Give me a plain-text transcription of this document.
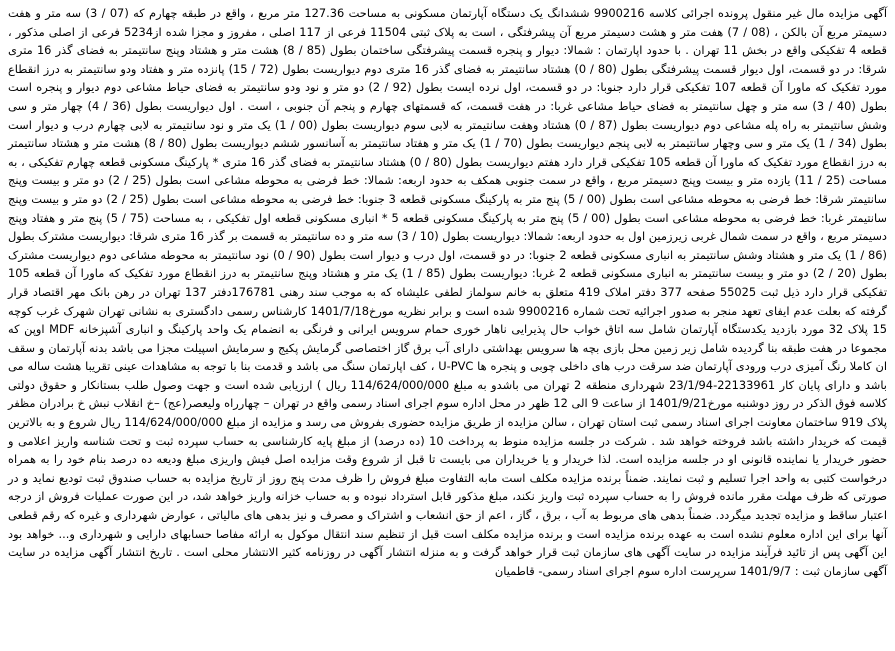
آگهی مزایده مال غیر منقول پرونده اجرائی کلاسه 9900216 ششدانگ یک دستگاه آپارتمان مسکونی به مساحت 127.36 متر مربع ، واقع در طبقه چهارم که (07 / 3) سه متر و هفت دسیمتر مربع آن بالکن ، (08 / 7) هفت متر و هشت دسیمتر مربع آن پیشرفتگی ، است به پلاک ثبتی 11504 فرعی از 117 اصلی ، مفروز و مجزا شده از5234 فرعی از اصلی مذکور ، قطعه 4 تفکیکی واقع در بخش 11 تهران . با حدود اپارتمان : شمالا: دیوار و پنجره قسمت پیشرفتگی ساختمان بطول (85 / 8) هشت متر و هشتاد وپنج سانتیمتر به فضای گذر 16 متری شرقا: در دو قسمت، اول دیوار قسمت پیشرفتگی بطول (80 / 0) هشتاد سانتیمتر به فضای گذر 16 متری دوم دیواریست بطول (72 / 15) پانزده متر و هفتاد ودو سانتیمتر به درز انقطاع مورد تفکیک که ماورا آن قطعه 107 تفکیکی قرار دارد جنوبا: در دو قسمت، اول نرده ایست بطول (92 / 2) دو متر و نود ودو سانتیمتر به فضای حیاط مشاعی دوم دیوار و پنجره است بطول (40 / 3) سه متر و چهل سانتیمتر به فضای حیاط مشاعی غربا: در هفت قسمت، که قسمتهای چهارم و پنجم آن جنوبی ، است . اول دیواریست بطول (36 / 4) چهار متر و سی وشش سانتیمتر به راه پله مشاعی دوم دیواریست بطول (87 / 0) هشتاد وهفت سانتیمتر به لابی سوم دیواریست بطول (00 / 1) یک متر و نود سانتیمتر به لابی چهارم درب و دیوار است بطول (34 / 1) یک متر و سی وچهار سانتیمتر به لابی پنجم دیواریست بطول (70 / 1) یک متر و هفتاد سانتیمتر به آسانسور ششم دیواریست بطول (80 / 8) هشت متر و هشتاد سانتیمتر به درز انقطاع مورد تفکیک که ماورا آن قطعه 105 تفکیکی قرار دارد هفتم دیواریست بطول (80 / 0) هشتاد سانتیمتر به فضای گذر 16 متری * پارکینگ مسکونی قطعه چهارم تفکیکی ، به مساحت (25 / 11) یازده متر و بیست وپنج دسیمتر مربع ، واقع در سمت جنوبی همکف به حدود اربعه: شمالا: خط فرضی به محوطه مشاعی است بطول (25 / 2) دو متر و بیست وپنج سانتیمتر شرقا: خط فرضی به محوطه مشاعی است بطول (00 / 5) پنج متر به پارکینگ مسکونی قطعه 3 جنوبا: خط فرضی به محوطه مشاعی است بطول (25 / 2) دو متر و بیست وپنج سانتیمتر غربا: خط فرضی به محوطه مشاعی است بطول (00 / 5) پنج متر به پارکینگ مسکونی قطعه 5 * انباری مسکونی قطعه اول تفکیکی ، به مساحت (75 / 5) پنج متر و هفتاد وپنج دسیمتر مربع ، واقع در سمت شمال غربی زیرزمین اول به حدود اربعه: شمالا: دیواریست بطول (10 / 3) سه متر و ده سانتیمتر به قسمت بر گذر 16 متری شرقا: دیواریست مشترک بطول (86 / 1) یک متر و هشتاد وشش سانتیمتر به انباری مسکونی قطعه 2 جنوبا: در دو قسمت، اول درب و دیوار است بطول (90 / 0) نود سانتیمتر به محوطه مشاعی دوم دیواریست مشترک بطول (20 / 2) دو متر و بیست سانتیمتر به انباری مسکونی قطعه 2 غربا: دیواریست بطول (85 / 1) یک متر و هشتاد وپنج سانتیمتر به درز انقطاع مورد تفکیک که ماورا آن قطعه 105 تفکیکی قرار دارد ذیل ثبت 55025 صفحه 377 دفتر املاک 419 متعلق به خانم سولماز لطفی علیشاه که به موجب سند رهنی 176781دفتر 137 تهران در رهن بانک مهر اقتصاد قرار گرفته که بعلت عدم ایفای تعهد منجر به صدور اجرائیه تحت شماره 9900216 شده است و برابر نظریه مورخ1401/7/18 کارشناس رسمی دادگستری به نشانی تهران شهرک غرب کوچه 15 پلاک 32 مورد بازدید یکدستگاه آپارتمان شامل سه اتاق خواب حال پذیرایی ناهار خوری حمام سرویس ایرانی و فرنگی به انضمام یک واحد پارکینگ و انباری آشپزخانه MDF اوپن که مجموعا در هفت طبقه بنا گردیده شامل زیر زمین محل بازی بچه ها سرویس بهداشتی دارای آب برق گاز اختصاصی گرمایش پکیج و سرمایش اسپیلت مجزا می باشد بدنه آپارتمان و سقف ان کاملا رنگ آمیزی درب ورودی آپارتمان ضد سرقت درب های داخلی چوبی و پنجره ها U-PVC ، کف اپارتمان سنگ می باشد و قدمت بنا با توجه به مشاهدات عینی تقریبا هشت ساله می باشد و دارای پایان کار 22133961-23/1/94 شهرداری منطقه 2 تهران می باشدو به مبلغ 114/624/000/000 ریال ) ارزیابی شده است و جهت وصول طلب بستانکار و حقوق دولتی کلاسه فوق الذکر در روز دوشنبه مورخ1401/9/21 از ساعت 9 الی 12 ظهر در محل اداره سوم اجرای اسناد رسمی واقع در تهران – چهارراه ولیعصر(عج) –خ انقلاب نبش خ برادران مظفر پلاک 919 ساختمان معاونت اجرای اسناد رسمی ثبت استان تهران ، سالن مزایده از طریق مزایده حضوری بفروش می رسد و مزایده از مبلغ 114/624/000/000 ریال شروع و به بالاترین قیمت که خریدار داشته باشد فروخته خواهد شد . شرکت در جلسه مزایده منوط به پرداخت 10 (ده درصد) از مبلغ پایه کارشناسی به حساب سپرده ثبت و تحت شناسه واریز اعلامی و حضور خریدار یا نماینده قانونی او در جلسه مزایده است. لذا خریدار و یا خریداران می بایست تا قبل از شروع وقت مزایده اصل فیش واریزی مبلغ ودیعه ده درصد بنام خود را به همراه درخواست کتبی به واحد اجرا تسلیم و ثبت نمایند. ضمناً برنده مزایده مکلف است مابه التفاوت مبلغ فروش را ظرف مدت پنج روز از تاریخ مزایده به حساب صندوق ثبت تودیع نماید و در صورتی که ظرف مهلت مقرر مانده فروش را به حساب سپرده ثبت واریز نکند، مبلغ مذکور قابل استرداد نبوده و به حساب خزانه واریز خواهد شد، در این صورت عملیات فروش از درجه اعتبار ساقط و مزایده تجدید میگردد. ضمناً بدهی های مربوط به آب ، برق ، گاز ، اعم از حق انشعاب و اشتراک و مصرف و نیز بدهی های مالیاتی ، عوارض شهرداری و غیره که رقم قطعی آنها برای این اداره معلوم نشده است به عهده برنده مزایده است و برنده مزایده مکلف است قبل از تنظیم سند انتقال موکول به ارائه مفاصا حسابهای دارایی و شهرداری و... خواهد بود این آگهی پس از تائید فرآیند مزایده در سایت آگهی های سازمان ثبت قرار خواهد گرفت و به منزله انتشار آگهی در روزنامه کثیر الانتشار محلی است . تاریخ انتشار آگهی مزایده در سایت آگهی سازمان ثبت : 1401/9/7 سرپرست اداره سوم اجرای اسناد رسمی- قاطمیان
